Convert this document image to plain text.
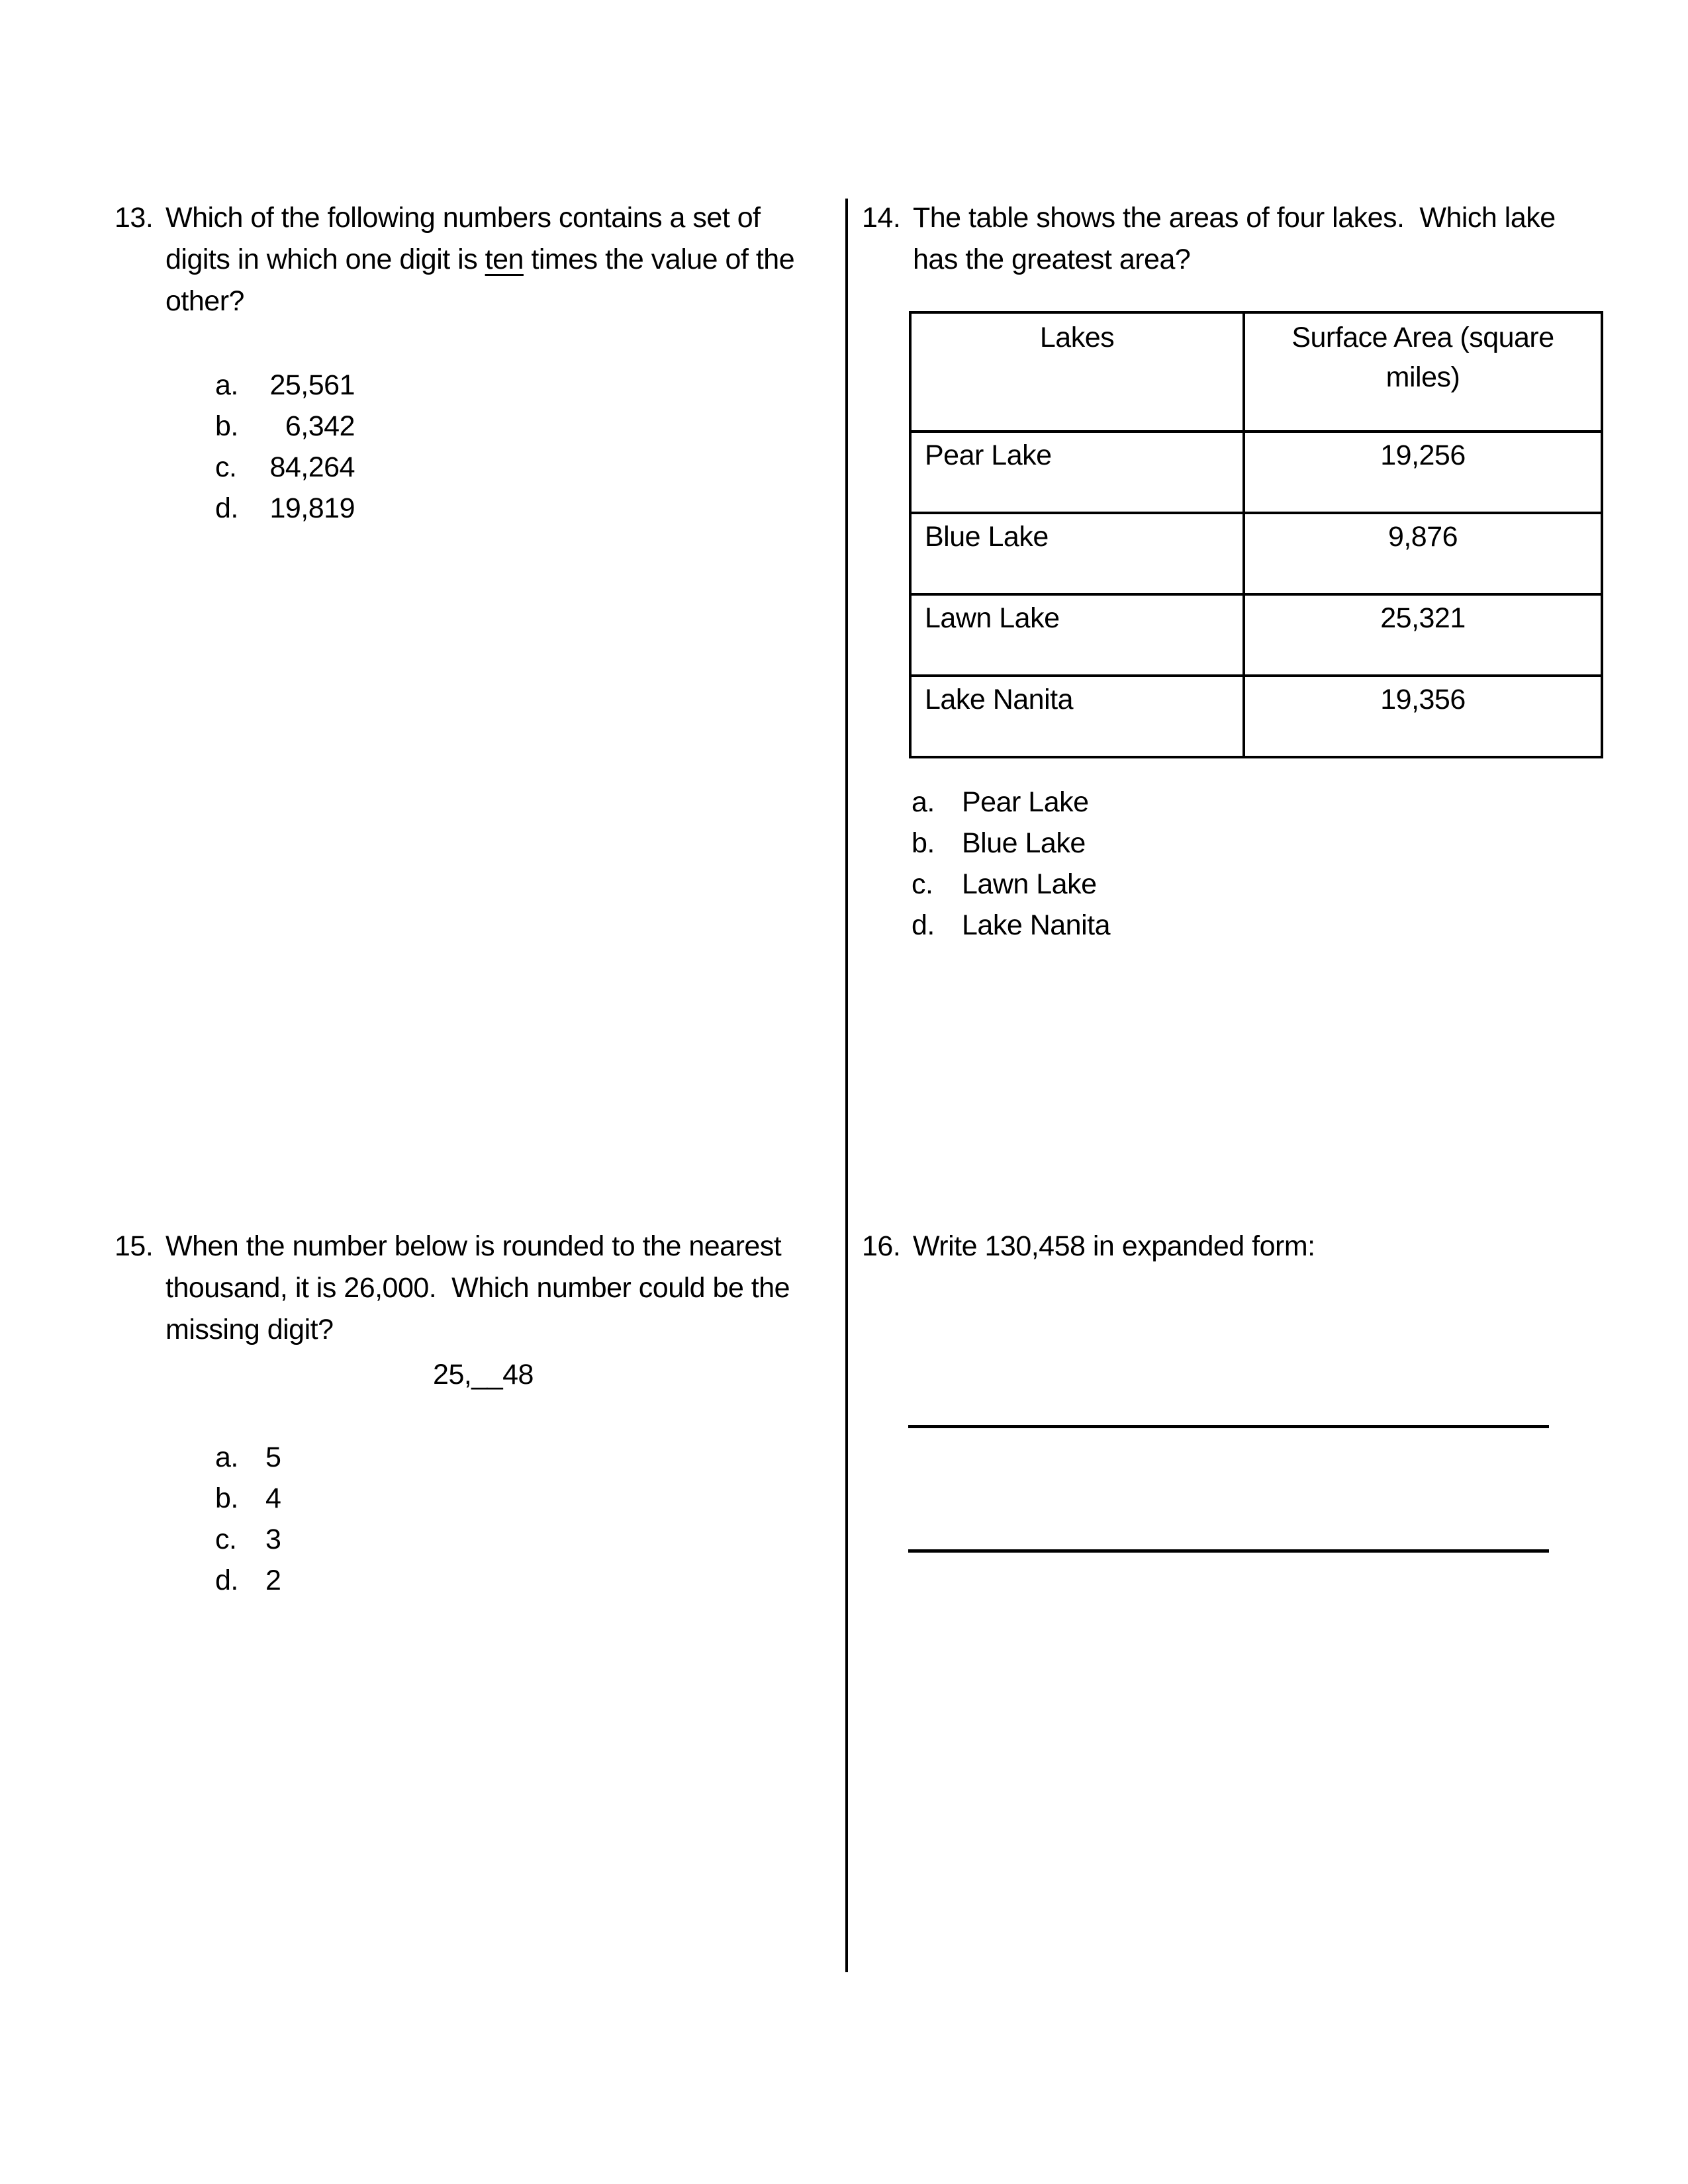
13. Which of the following numbers contains a set of
digits in which one digit is ten times the value of the
other?
a.	25,561
b.	6,342
c.	84,264
d.	19,819
14. The table shows the areas of four lakes.  Which lake
has the greatest area?
Lakes	Surface Area (square miles)
Pear Lake	19,256
Blue Lake	9,876
Lawn Lake	25,321
Lake Nanita	19,356
a. Pear Lake
b. Blue Lake
c.	Lawn Lake
d. Lake Nanita
15. When the number below is rounded to the nearest
thousand, it is 26,000.  Which number could be the
missing digit?
25,__48
a. 5
b. 4
c.	3
d. 2
16. Write 130,458 in expanded form:
